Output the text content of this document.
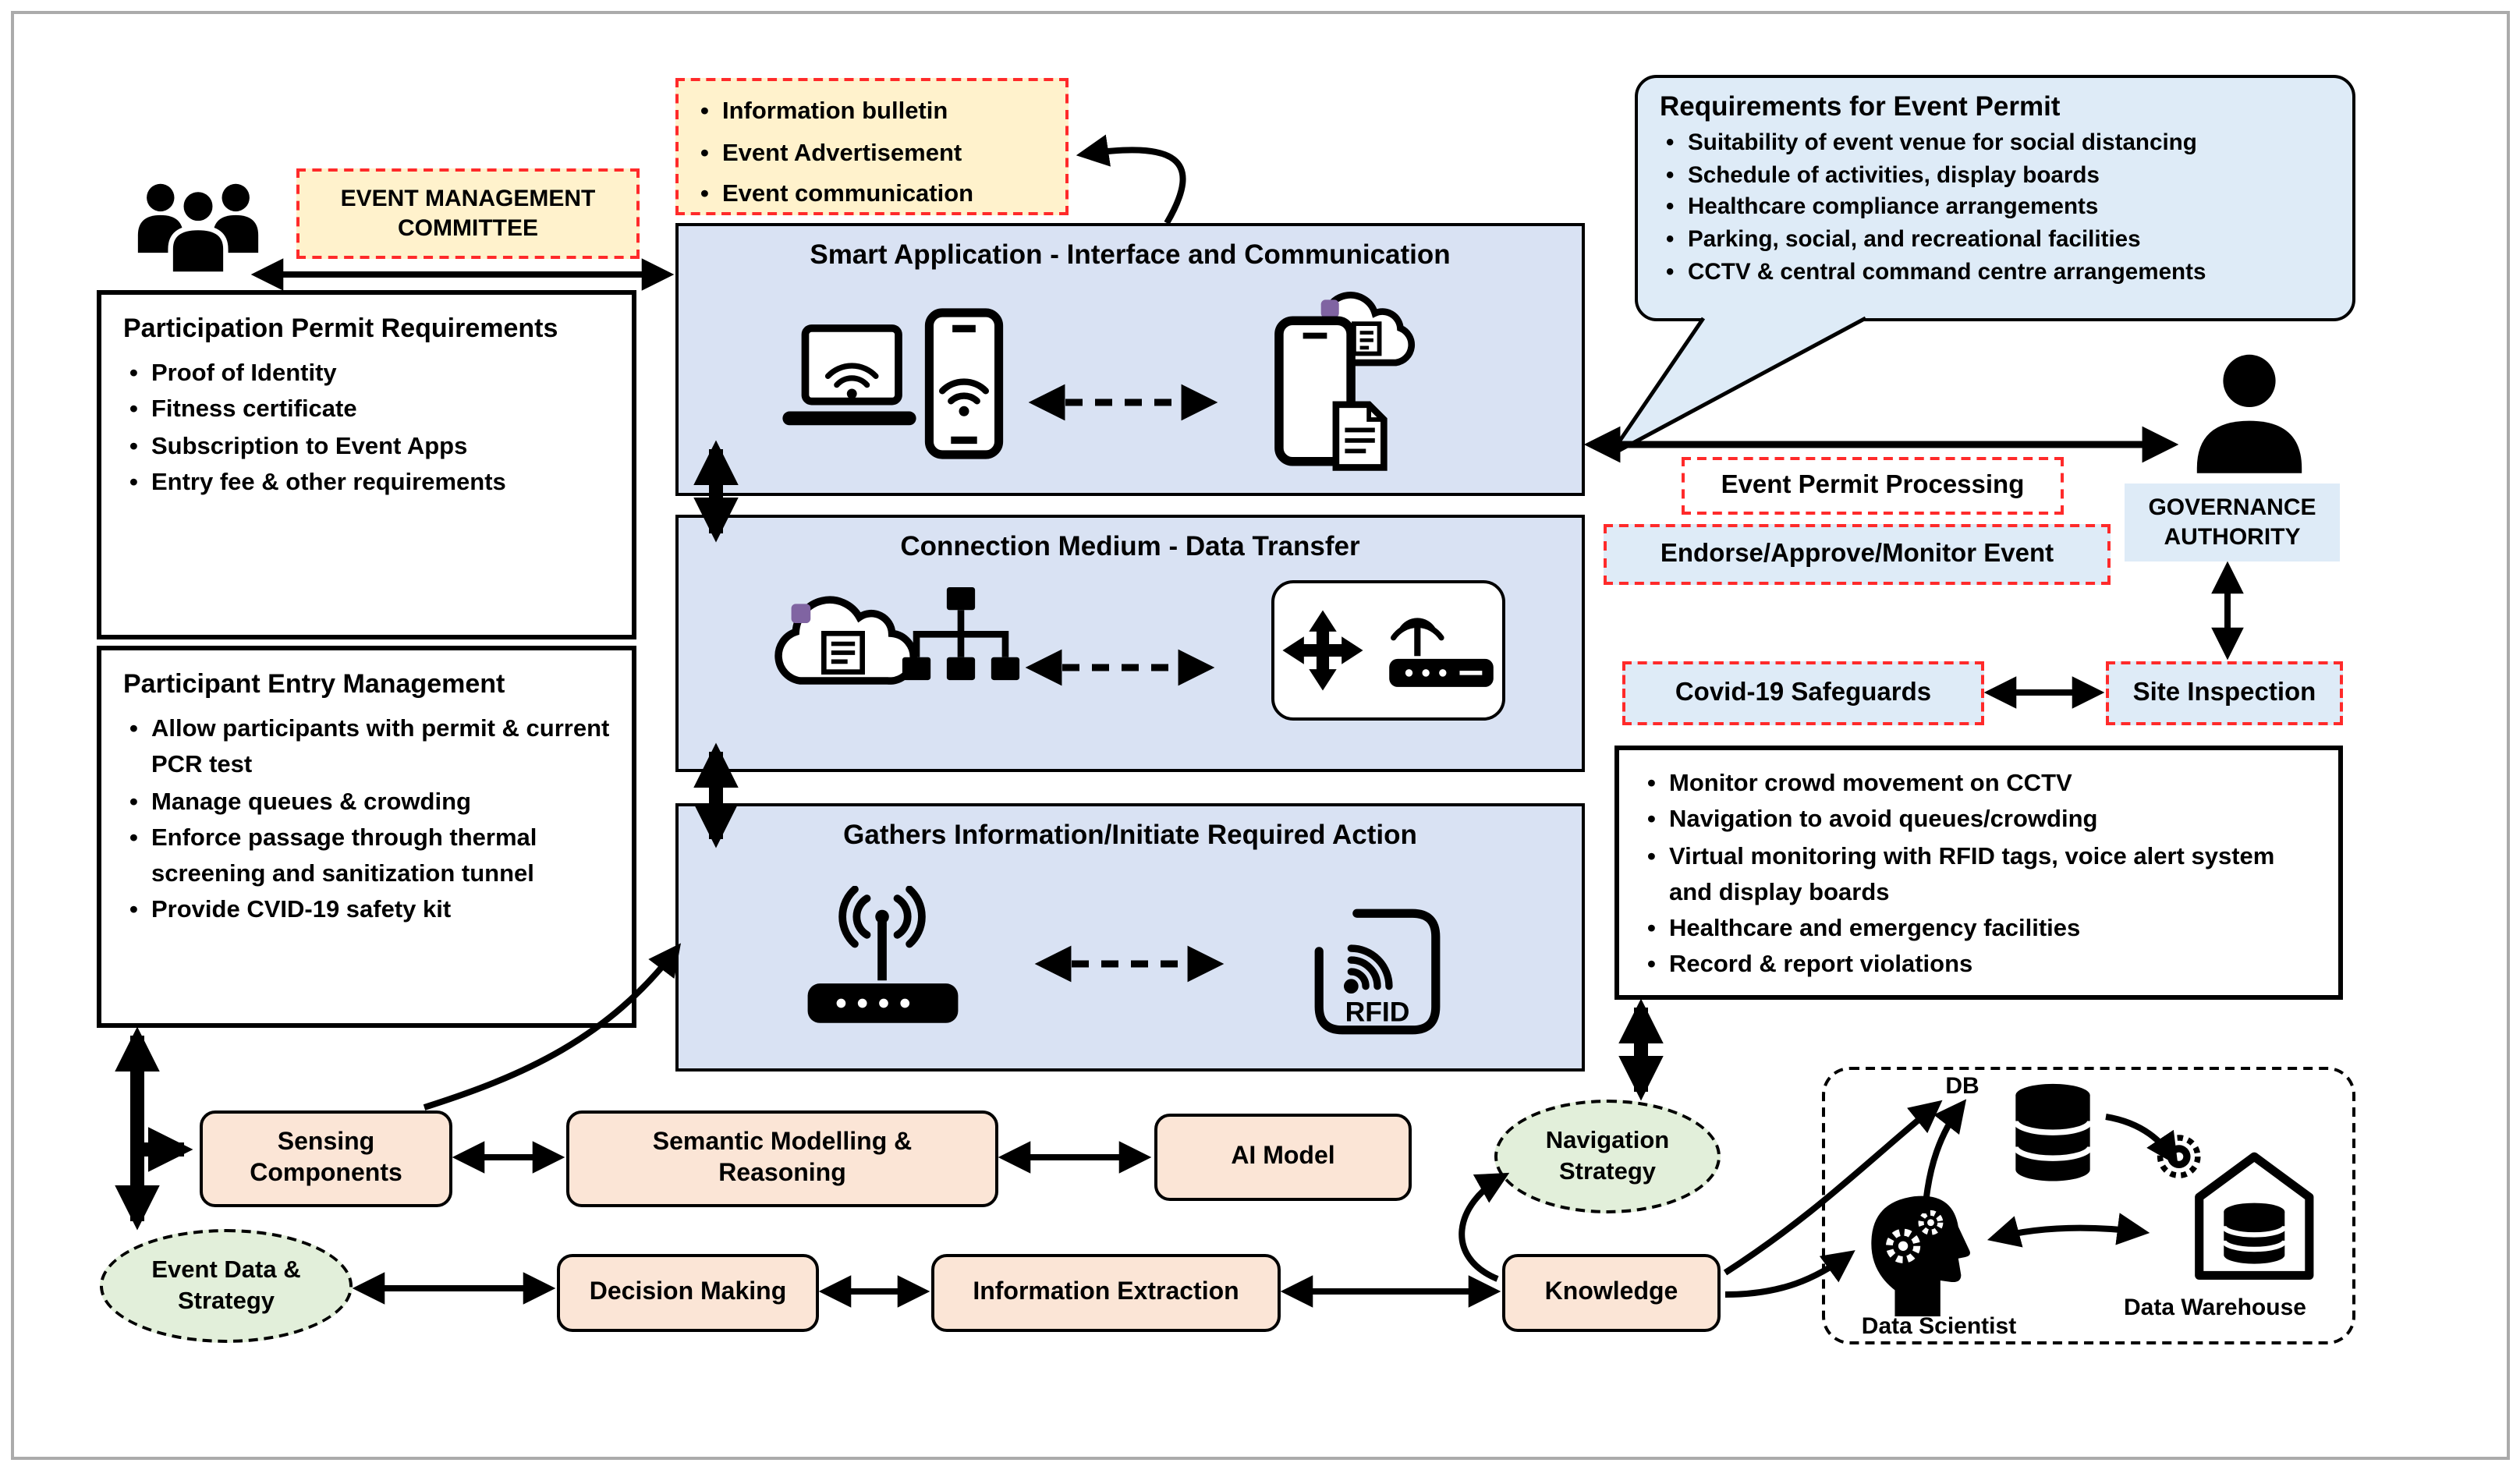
EVENT MANAGEMENT COMMITTEE
• Information bulletin
• Event Advertisement
• Event communication
Requirements for Event Permit
• Suitability of event venue for social distancing
• Schedule of activities, display boards
• Healthcare compliance arrangements
• Parking, social, and recreational facilities
• CCTV & central command centre arrangements
Participation Permit Requirements
• Proof of Identity
• Fitness certificate
• Subscription to Event Apps
• Entry fee & other requirements
Participant Entry Management
• Allow participants with permit & current PCR test
• Manage queues & crowding
• Enforce passage through thermal screening and sanitization tunnel
• Provide CVID-19 safety kit
Smart Application - Interface and Communication
Connection Medium - Data Transfer
Gathers Information/Initiate Required Action
RFID
GOVERNANCE AUTHORITY
Event Permit Processing
Endorse/Approve/Monitor Event
Covid-19 Safeguards	Site Inspection
• Monitor crowd movement on CCTV
• Navigation to avoid queues/crowding
• Virtual monitoring with RFID tags, voice alert system and display boards
• Healthcare and emergency facilities
• Record & report violations
Sensing Components
Semantic Modelling & Reasoning
AI Model
Navigation Strategy
Event Data & Strategy	Decision Making	Information Extraction	Knowledge
DB
Data Scientist
Data Warehouse
